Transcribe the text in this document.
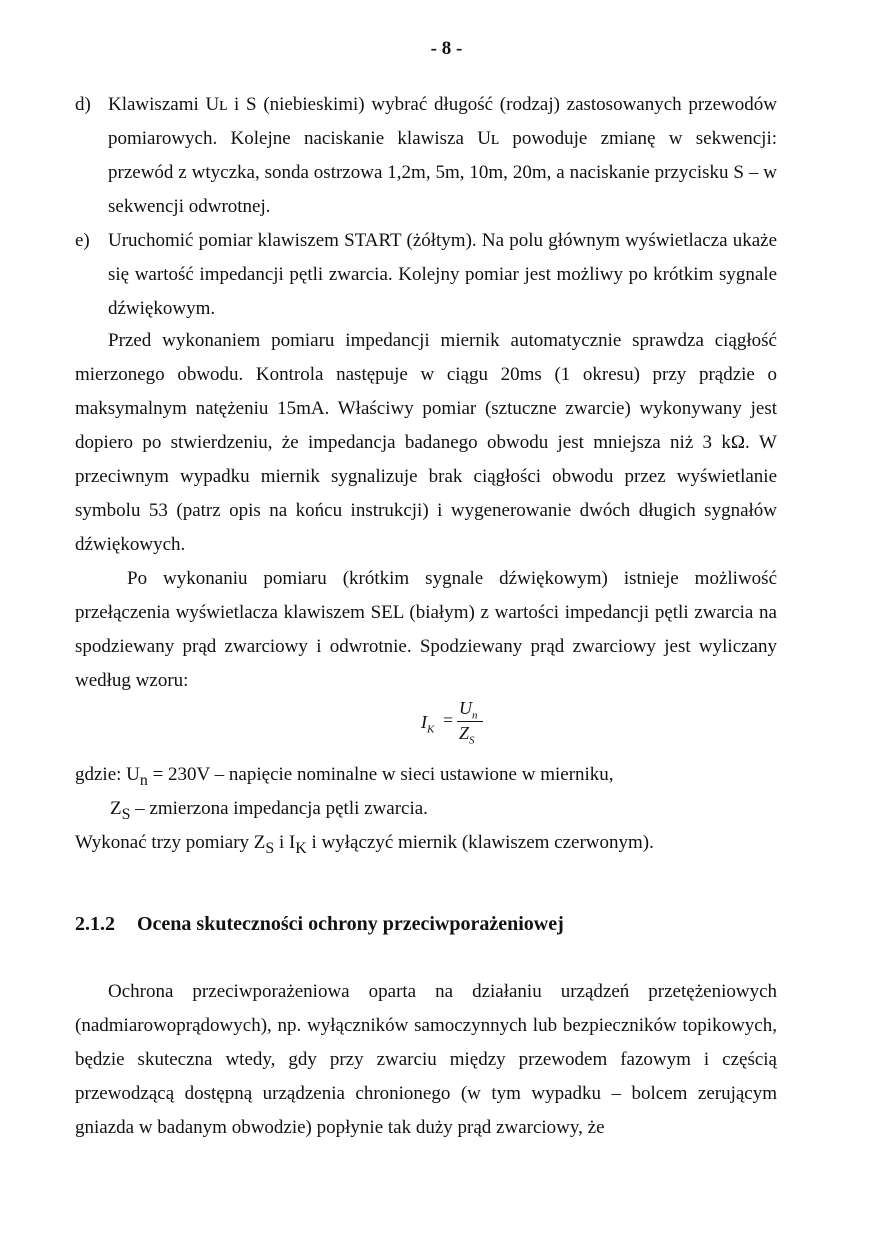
- 8 -
d) Klawiszami Uʟ i S (niebieskimi) wybrać długość (rodzaj) zastosowanych przewodów pomiarowych. Kolejne naciskanie klawisza Uʟ powoduje zmianę w sekwencji: przewód z wtyczka, sonda ostrzowa 1,2m, 5m, 10m, 20m, a naciskanie przycisku S – w sekwencji odwrotnej.
e) Uruchomić pomiar klawiszem START (żółtym). Na polu głównym wyświetlacza ukaże się wartość impedancji pętli zwarcia. Kolejny pomiar jest możliwy po krótkim sygnale dźwiękowym.
Przed wykonaniem pomiaru impedancji miernik automatycznie sprawdza ciągłość mierzonego obwodu. Kontrola następuje w ciągu 20ms (1 okresu) przy prądzie o maksymalnym natężeniu 15mA. Właściwy pomiar (sztuczne zwarcie) wykonywany jest dopiero po stwierdzeniu, że impedancja badanego obwodu jest mniejsza niż 3 kΩ. W przeciwnym wypadku miernik sygnalizuje brak ciągłości obwodu przez wyświetlanie symbolu 53 (patrz opis na końcu instrukcji) i wygenerowanie dwóch długich sygnałów dźwiękowych.
Po wykonaniu pomiaru (krótkim sygnale dźwiękowym) istnieje możliwość przełączenia wyświetlacza klawiszem SEL (białym) z wartości impedancji pętli zwarcia na spodziewany prąd zwarciowy i odwrotnie. Spodziewany prąd zwarciowy jest wyliczany według wzoru:
$I_K$ =
$U_n$
$Z_S$
gdzie: $U_n = 230V$ – napięcie nominalne w sieci ustawione w mierniku,
$Z_S$ – zmierzona impedancja pętli zwarcia.
Wykonać trzy pomiary $Z_S$ i $I_K$ i wyłączyć miernik (klawiszem czerwonym).
2.1.2 Ocena skuteczności ochrony przeciwporażeniowej
Ochrona przeciwporażeniowa oparta na działaniu urządzeń przetężeniowych (nadmiarowoprądowych), np. wyłączników samoczynnych lub bezpieczników topikowych, będzie skuteczna wtedy, gdy przy zwarciu między przewodem fazowym i częścią przewodzącą dostępną urządzenia chronionego (w tym wypadku – bolcem zerującym gniazda w badanym obwodzie) popłynie tak duży prąd zwarciowy, że
